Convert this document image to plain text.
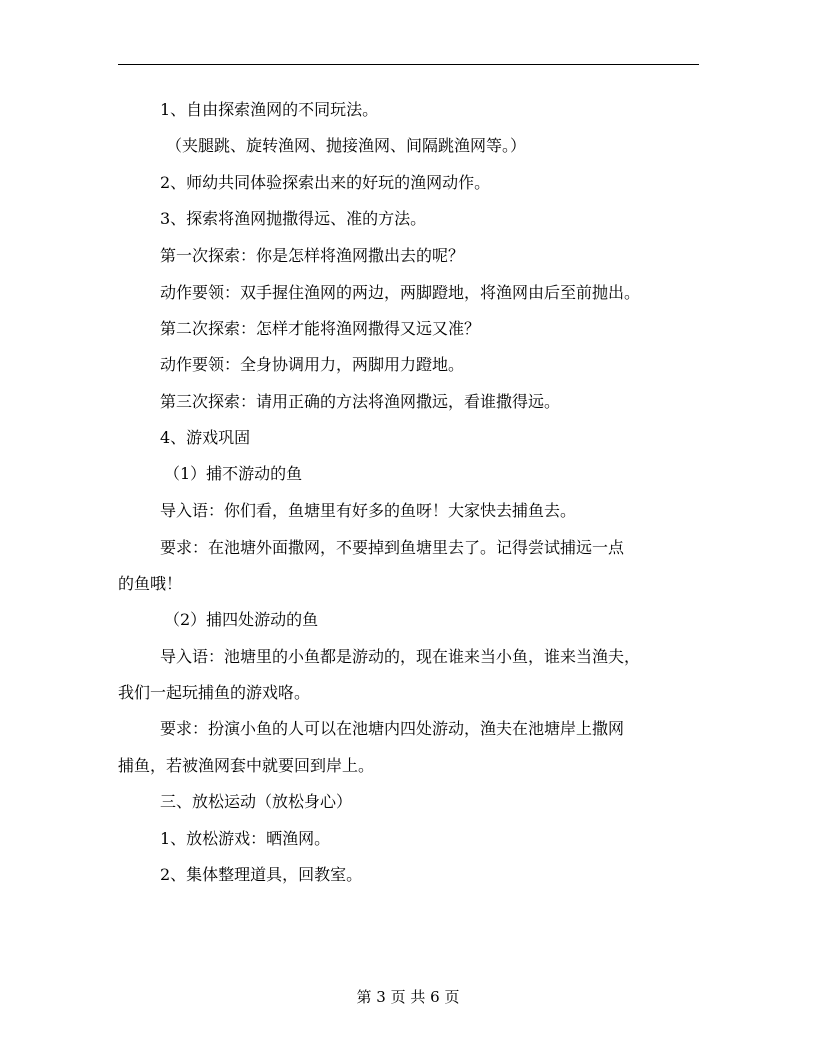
1、自由探索渔网的不同玩法。
（夹腿跳、旋转渔网、抛接渔网、间隔跳渔网等。）
2、师幼共同体验探索出来的好玩的渔网动作。
3、探索将渔网抛撒得远、准的方法。
第一次探索：你是怎样将渔网撒出去的呢？
动作要领：双手握住渔网的两边，两脚蹬地，将渔网由后至前抛出。
第二次探索：怎样才能将渔网撒得又远又准？
动作要领：全身协调用力，两脚用力蹬地。
第三次探索：请用正确的方法将渔网撒远，看谁撒得远。
4、游戏巩固
（1）捕不游动的鱼
导入语：你们看，鱼塘里有好多的鱼呀！大家快去捕鱼去。
要求：在池塘外面撒网，不要掉到鱼塘里去了。记得尝试捕远一点
的鱼哦！
（2）捕四处游动的鱼
导入语：池塘里的小鱼都是游动的，现在谁来当小鱼，谁来当渔夫，
我们一起玩捕鱼的游戏咯。
要求：扮演小鱼的人可以在池塘内四处游动，渔夫在池塘岸上撒网
捕鱼，若被渔网套中就要回到岸上。
三、放松运动（放松身心）
1、放松游戏：晒渔网。
2、集体整理道具，回教室。
第 3 页 共 6 页
